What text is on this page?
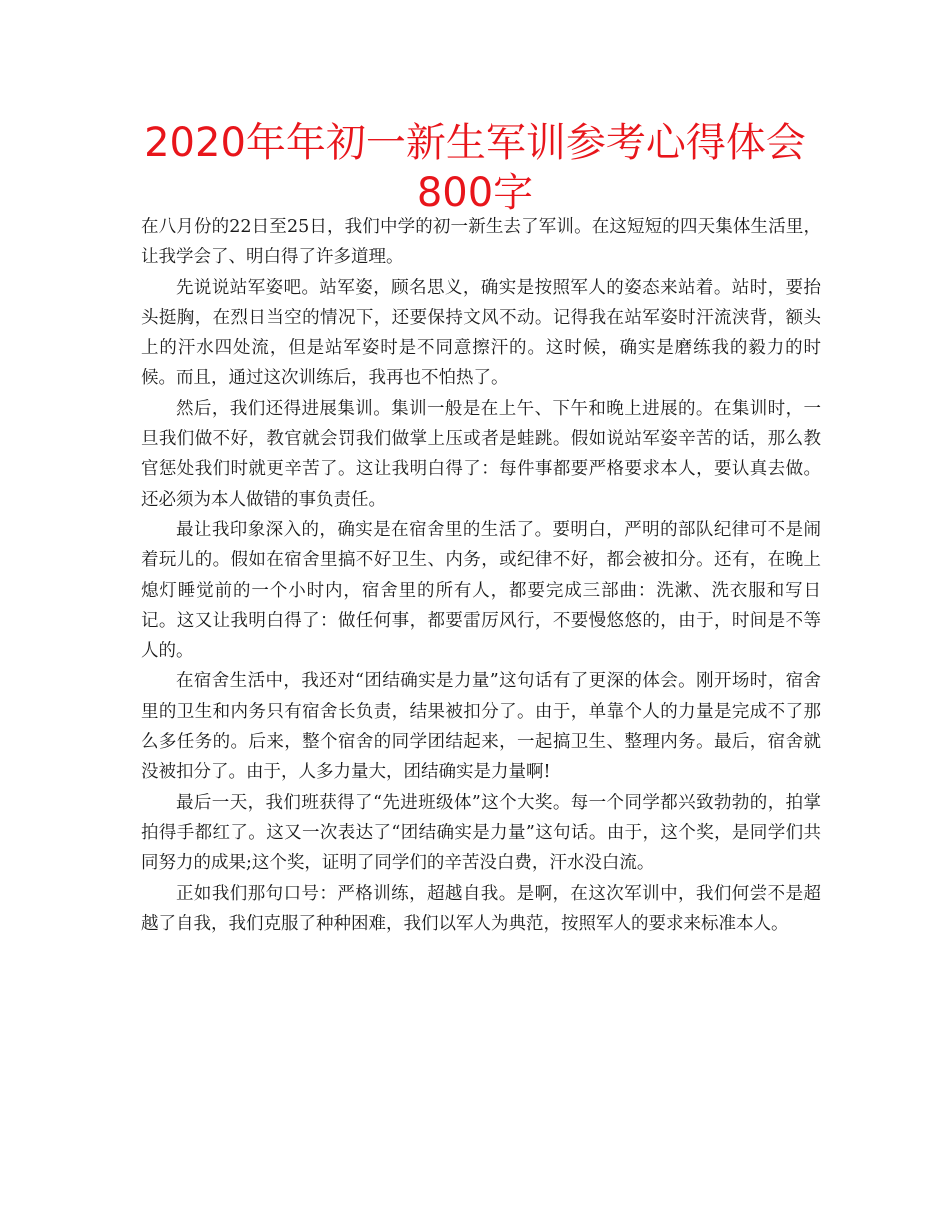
2020年年初一新生军训参考心得体会800字

在八月份的22日至25日，我们中学的初一新生去了军训。在这短短的四天集体生活里，让我学会了、明白得了许多道理。

先说说站军姿吧。站军姿，顾名思义，确实是按照军人的姿态来站着。站时，要抬头挺胸，在烈日当空的情况下，还要保持文风不动。记得我在站军姿时汗流浃背，额头上的汗水四处流，但是站军姿时是不同意擦汗的。这时候，确实是磨练我的毅力的时候。而且，通过这次训练后，我再也不怕热了。

然后，我们还得进展集训。集训一般是在上午、下午和晚上进展的。在集训时，一旦我们做不好，教官就会罚我们做掌上压或者是蛙跳。假如说站军姿辛苦的话，那么教官惩处我们时就更辛苦了。这让我明白得了：每件事都要严格要求本人，要认真去做。还必须为本人做错的事负责任。

最让我印象深入的，确实是在宿舍里的生活了。要明白，严明的部队纪律可不是闹着玩儿的。假如在宿舍里搞不好卫生、内务，或纪律不好，都会被扣分。还有，在晚上熄灯睡觉前的一个小时内，宿舍里的所有人，都要完成三部曲：洗漱、洗衣服和写日记。这又让我明白得了：做任何事，都要雷厉风行，不要慢悠悠的，由于，时间是不等人的。

在宿舍生活中，我还对“团结确实是力量”这句话有了更深的体会。刚开场时，宿舍里的卫生和内务只有宿舍长负责，结果被扣分了。由于，单靠个人的力量是完成不了那么多任务的。后来，整个宿舍的同学团结起来，一起搞卫生、整理内务。最后，宿舍就没被扣分了。由于，人多力量大，团结确实是力量啊!

最后一天，我们班获得了“先进班级体”这个大奖。每一个同学都兴致勃勃的，拍掌拍得手都红了。这又一次表达了“团结确实是力量”这句话。由于，这个奖，是同学们共同努力的成果;这个奖，证明了同学们的辛苦没白费，汗水没白流。

正如我们那句口号：严格训练，超越自我。是啊，在这次军训中，我们何尝不是超越了自我，我们克服了种种困难，我们以军人为典范，按照军人的要求来标准本人。
